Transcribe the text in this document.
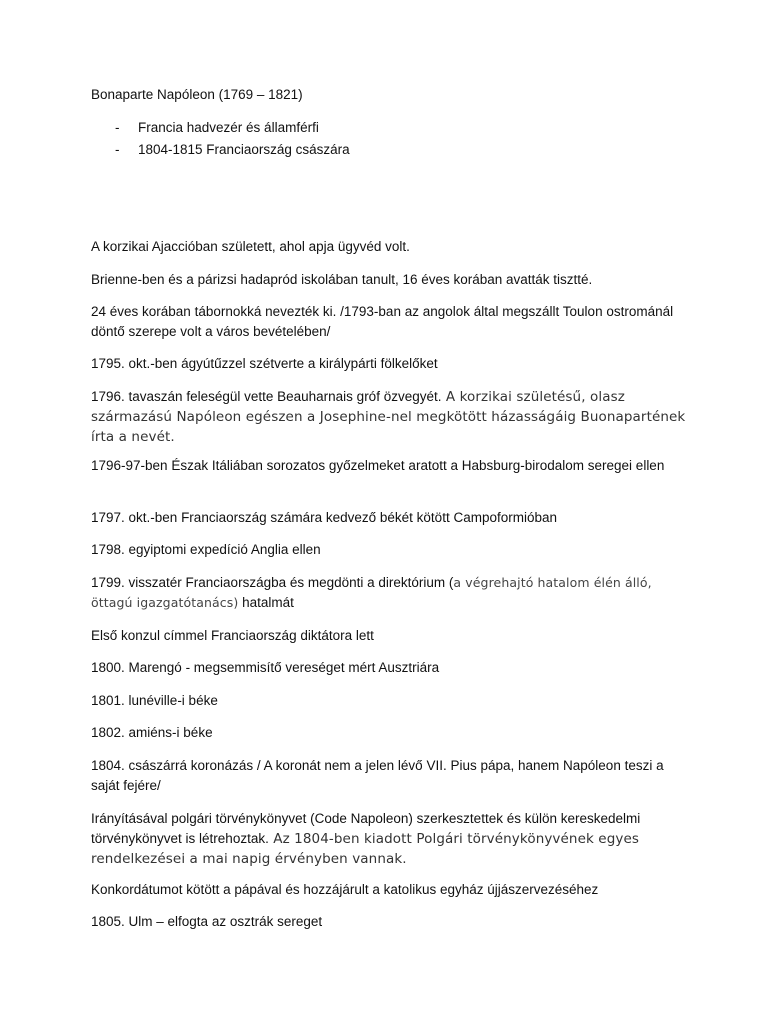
Bonaparte Napóleon (1769 – 1821)
- Francia hadvezér és államférfi
- 1804-1815 Franciaország császára

A korzikai Ajaccióban született, ahol apja ügyvéd volt.

Brienne-ben és a párizsi hadapród iskolában tanult, 16 éves korában avatták tisztté.

24 éves korában tábornokká nevezték ki. /1793-ban az angolok által megszállt Toulon ostrománál döntő szerepe volt a város bevételében/

1795. okt.-ben ágyútűzzel szétverte a királypárti fölkelőket

1796. tavaszán feleségül vette Beauharnais gróf özvegyét. A korzikai születésű, olasz származású Napóleon egészen a Josephine-nel megkötött házasságáig Buonapartének írta a nevét.

1796-97-ben Észak Itáliában sorozatos győzelmeket aratott a Habsburg-birodalom seregei ellen

1797. okt.-ben Franciaország számára kedvező békét kötött Campoformióban

1798. egyiptomi expedíció Anglia ellen

1799. visszatér Franciaországba és megdönti a direktórium (a végrehajtó hatalom élén álló, öttagú igazgatótanács) hatalmát

Első konzul címmel Franciaország diktátora lett

1800. Marengó - megsemmisítő vereséget mért Ausztriára

1801. lunéville-i béke

1802. amiéns-i béke

1804. császárrá koronázás / A koronát nem a jelen lévő VII. Pius pápa, hanem Napóleon teszi a saját fejére/

Irányításával polgári törvénykönyvet (Code Napoleon) szerkesztettek és külön kereskedelmi törvénykönyvet is létrehoztak. Az 1804-ben kiadott Polgári törvénykönyvének egyes rendelkezései a mai napig érvényben vannak.

Konkordátumot kötött a pápával és hozzájárult a katolikus egyház újjászervezéséhez

1805. Ulm – elfogta az osztrák sereget
